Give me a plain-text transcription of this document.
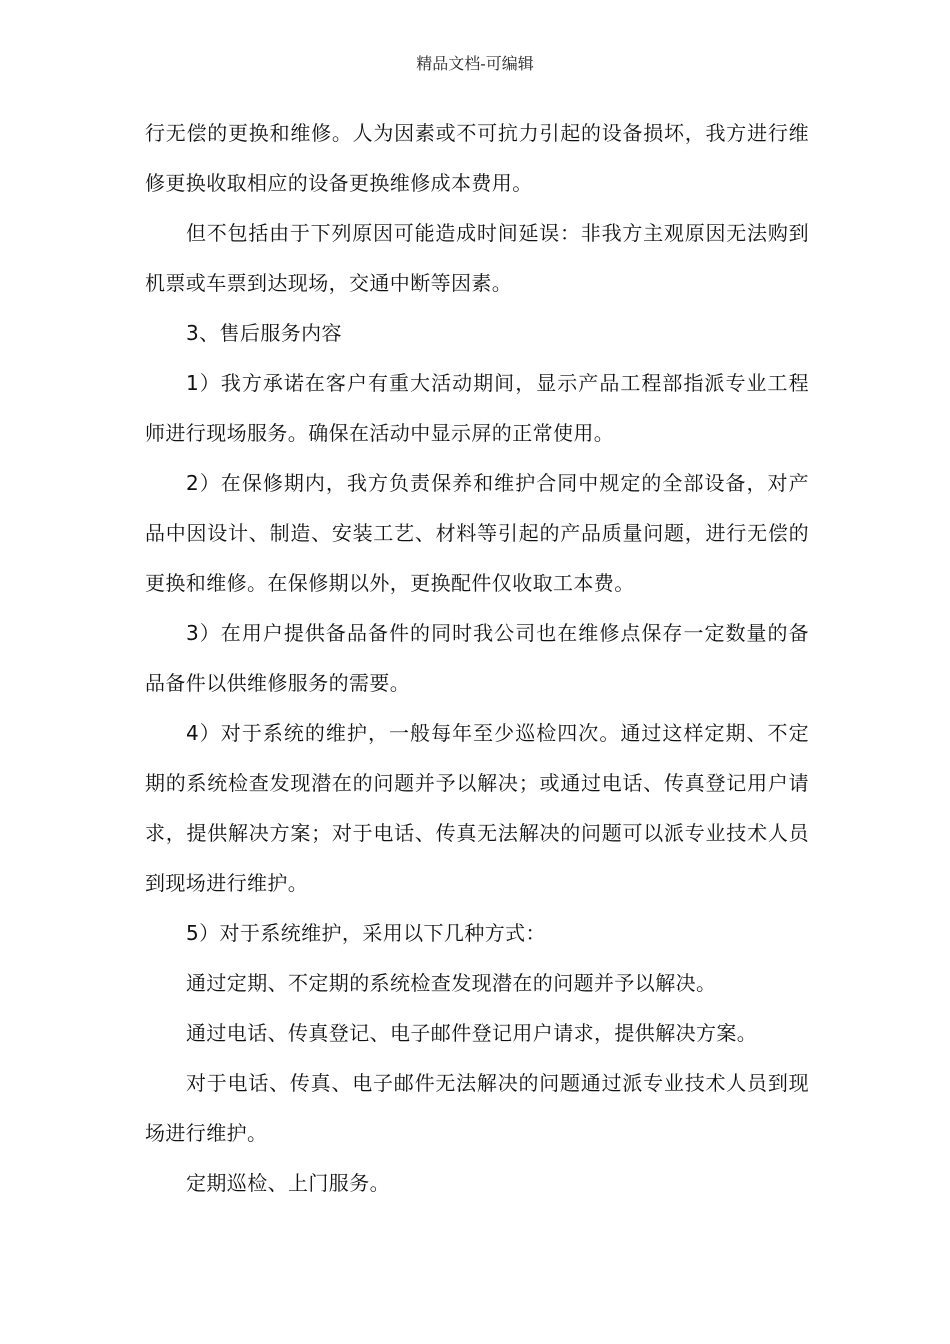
精品文档-可编辑

行无偿的更换和维修。人为因素或不可抗力引起的设备损坏，我方进行维修更换收取相应的设备更换维修成本费用。

但不包括由于下列原因可能造成时间延误：非我方主观原因无法购到机票或车票到达现场，交通中断等因素。

3、售后服务内容

1）我方承诺在客户有重大活动期间，显示产品工程部指派专业工程师进行现场服务。确保在活动中显示屏的正常使用。

2）在保修期内，我方负责保养和维护合同中规定的全部设备，对产品中因设计、制造、安装工艺、材料等引起的产品质量问题，进行无偿的更换和维修。在保修期以外，更换配件仅收取工本费。

3）在用户提供备品备件的同时我公司也在维修点保存一定数量的备品备件以供维修服务的需要。

4）对于系统的维护，一般每年至少巡检四次。通过这样定期、不定期的系统检查发现潜在的问题并予以解决；或通过电话、传真登记用户请求，提供解决方案；对于电话、传真无法解决的问题可以派专业技术人员到现场进行维护。

5）对于系统维护，采用以下几种方式：

通过定期、不定期的系统检查发现潜在的问题并予以解决。

通过电话、传真登记、电子邮件登记用户请求，提供解决方案。

对于电话、传真、电子邮件无法解决的问题通过派专业技术人员到现场进行维护。

定期巡检、上门服务。
